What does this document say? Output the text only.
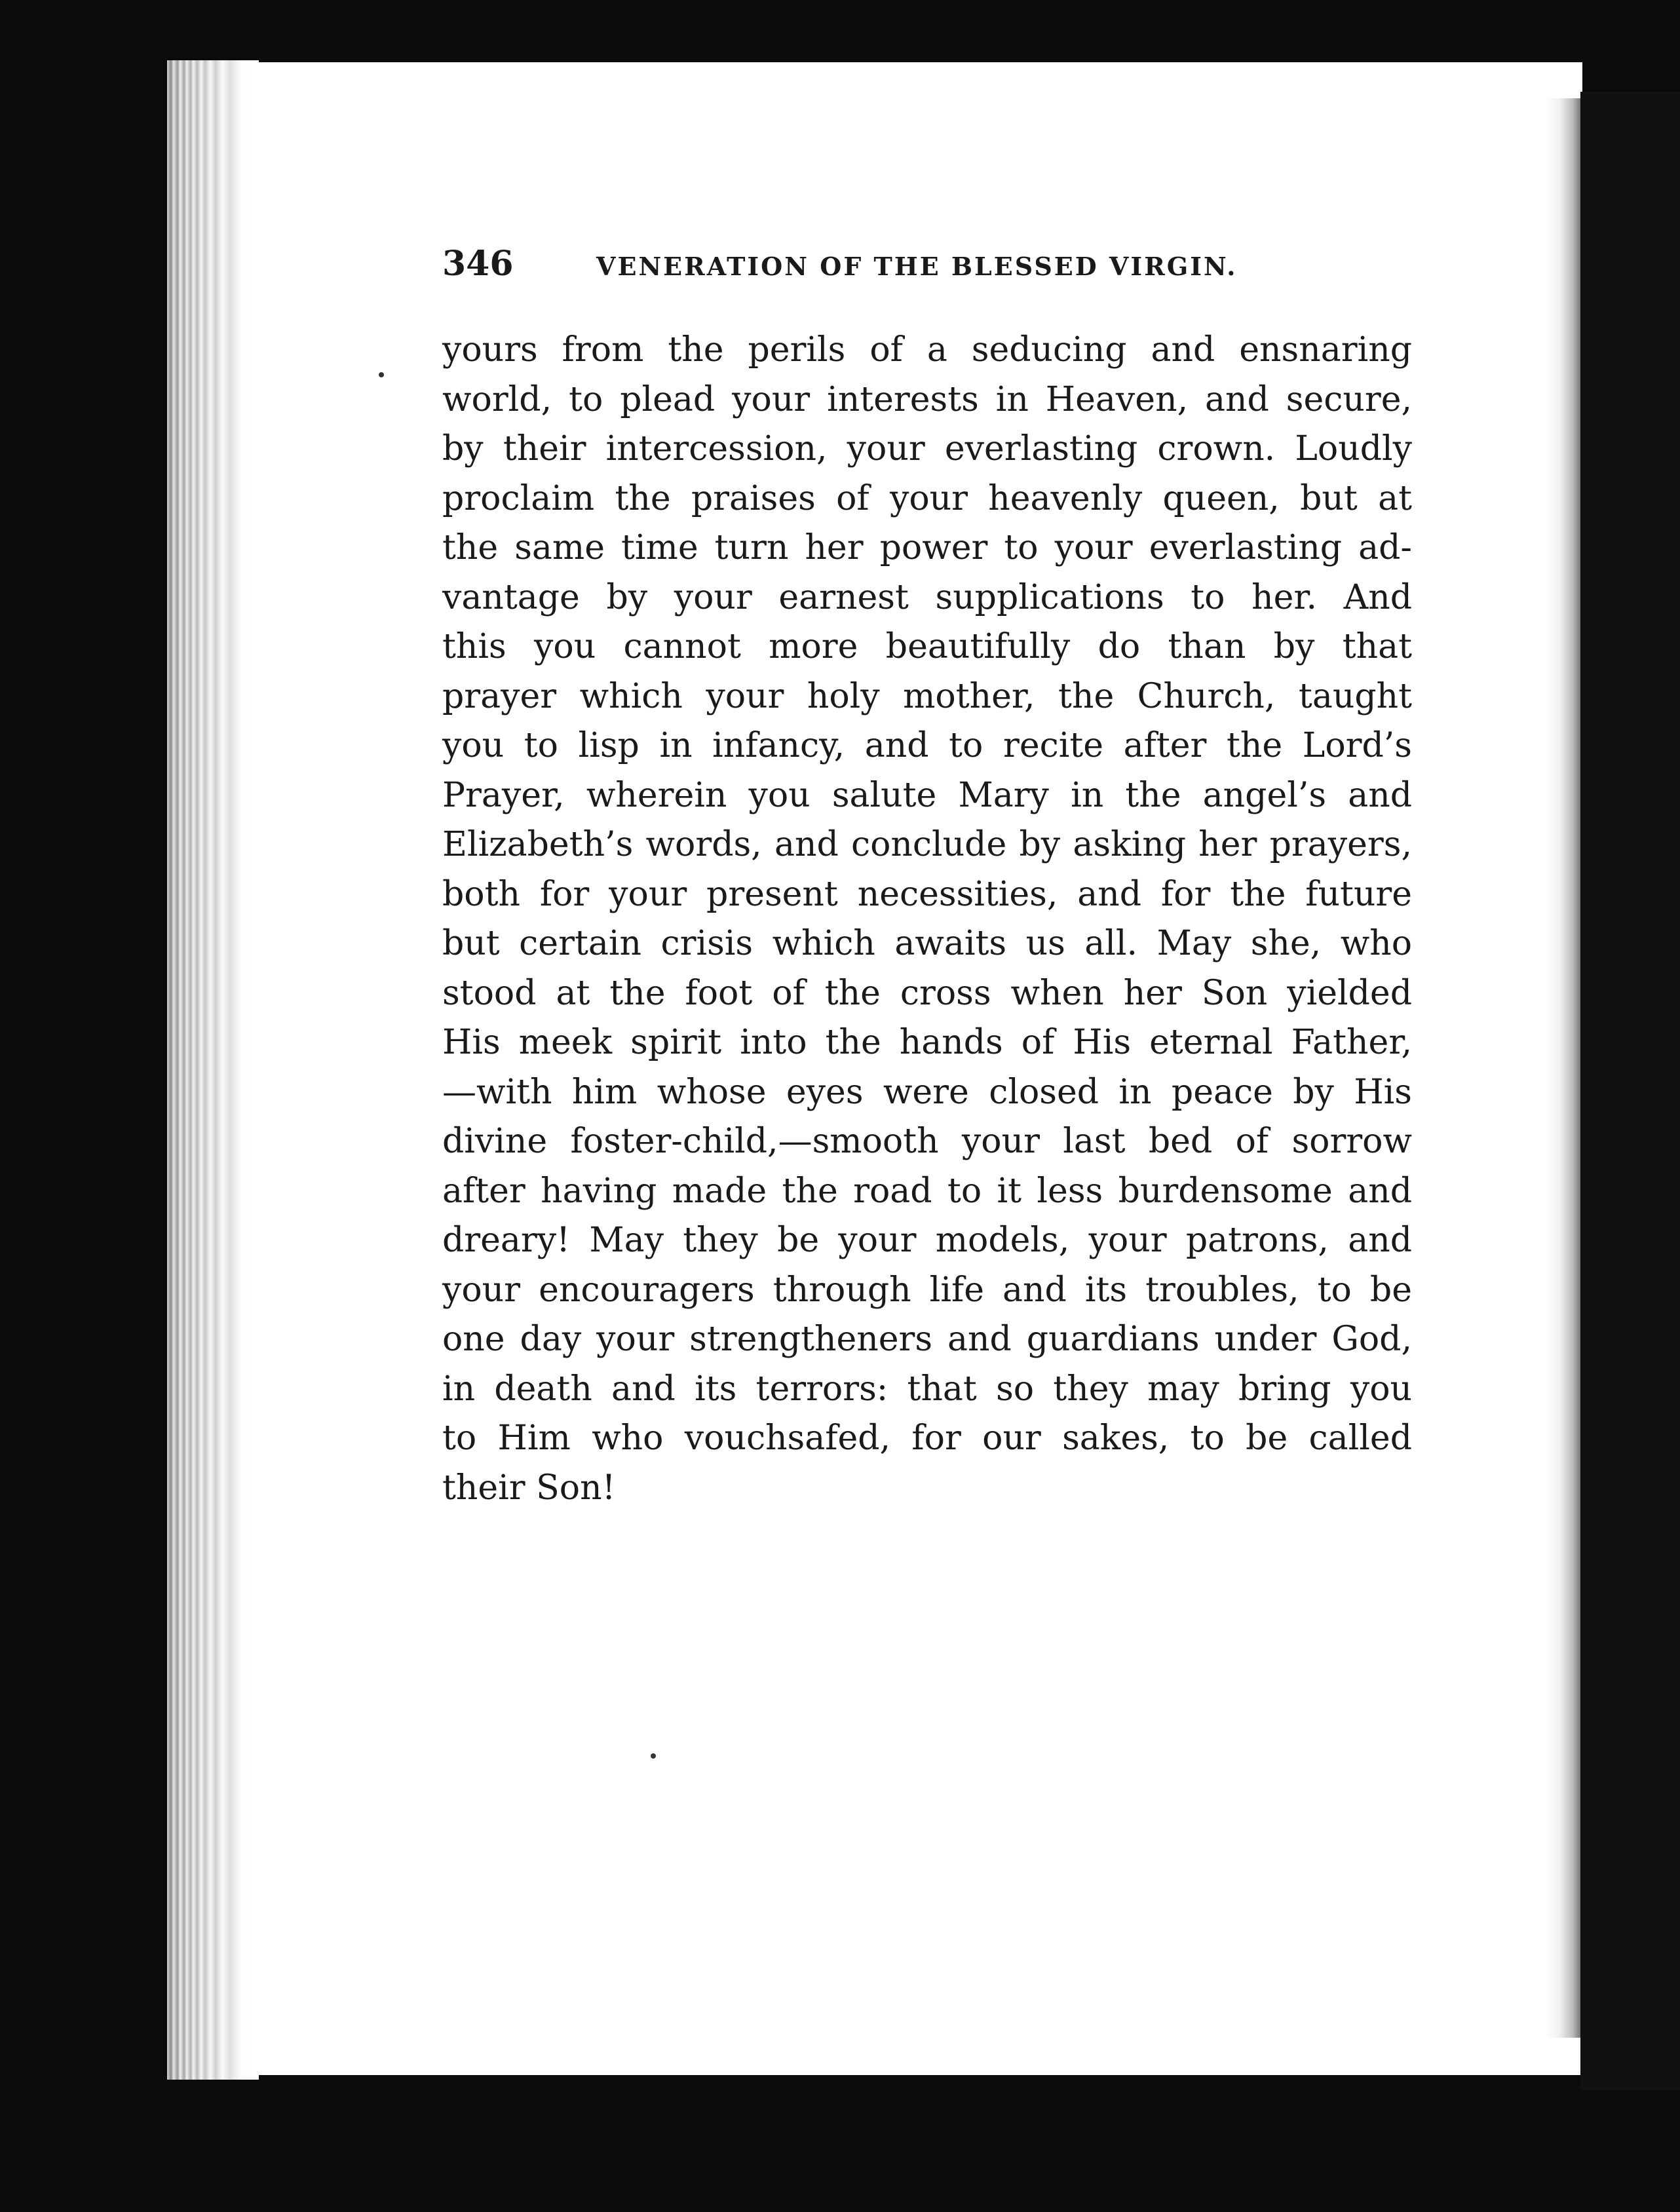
346	VENERATION OF THE BLESSED VIRGIN.
yours from the perils of a seducing and ensnaring
world, to plead your interests in Heaven, and secure,
by their intercession, your everlasting crown. Loudly
proclaim the praises of your heavenly queen, but at
the same time turn her power to your everlasting ad-
vantage by your earnest supplications to her. And
this you cannot more beautifully do than by that
prayer which your holy mother, the Church, taught
you to lisp in infancy, and to recite after the Lord’s
Prayer, wherein you salute Mary in the angel’s and
Elizabeth’s words, and conclude by asking her prayers,
both for your present necessities, and for the future
but certain crisis which awaits us all. May she, who
stood at the foot of the cross when her Son yielded
His meek spirit into the hands of His eternal Father,
—with him whose eyes were closed in peace by His
divine foster-child,—smooth your last bed of sorrow
after having made the road to it less burdensome and
dreary! May they be your models, your patrons, and
your encouragers through life and its troubles, to be
one day your strengtheners and guardians under God,
in death and its terrors: that so they may bring you
to Him who vouchsafed, for our sakes, to be called
their Son!
